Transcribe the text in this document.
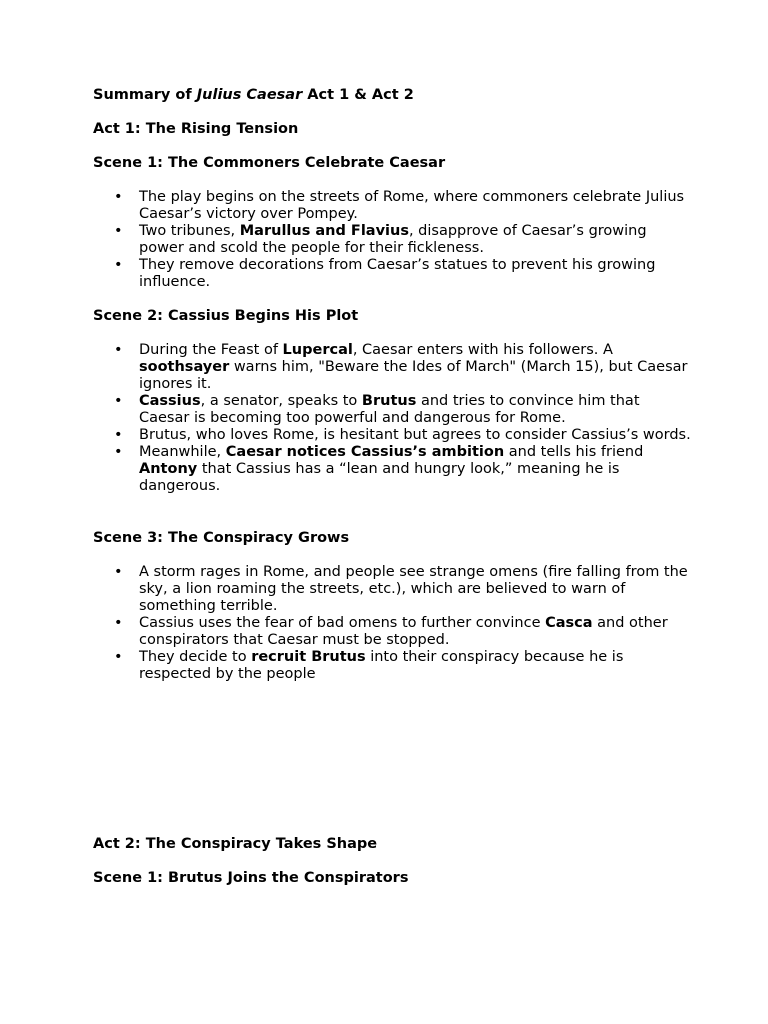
Summary of Julius Caesar Act 1 & Act 2
Act 1: The Rising Tension
Scene 1: The Commoners Celebrate Caesar
• The play begins on the streets of Rome, where commoners celebrate Julius Caesar’s victory over Pompey.
• Two tribunes, Marullus and Flavius, disapprove of Caesar’s growing power and scold the people for their fickleness.
• They remove decorations from Caesar’s statues to prevent his growing influence.
Scene 2: Cassius Begins His Plot
• During the Feast of Lupercal, Caesar enters with his followers. A soothsayer warns him, "Beware the Ides of March" (March 15), but Caesar ignores it.
• Cassius, a senator, speaks to Brutus and tries to convince him that Caesar is becoming too powerful and dangerous for Rome.
• Brutus, who loves Rome, is hesitant but agrees to consider Cassius’s words.
• Meanwhile, Caesar notices Cassius’s ambition and tells his friend Antony that Cassius has a “lean and hungry look,” meaning he is dangerous.
Scene 3: The Conspiracy Grows
• A storm rages in Rome, and people see strange omens (fire falling from the sky, a lion roaming the streets, etc.), which are believed to warn of something terrible.
• Cassius uses the fear of bad omens to further convince Casca and other conspirators that Caesar must be stopped.
• They decide to recruit Brutus into their conspiracy because he is respected by the people
Act 2: The Conspiracy Takes Shape
Scene 1: Brutus Joins the Conspirators
